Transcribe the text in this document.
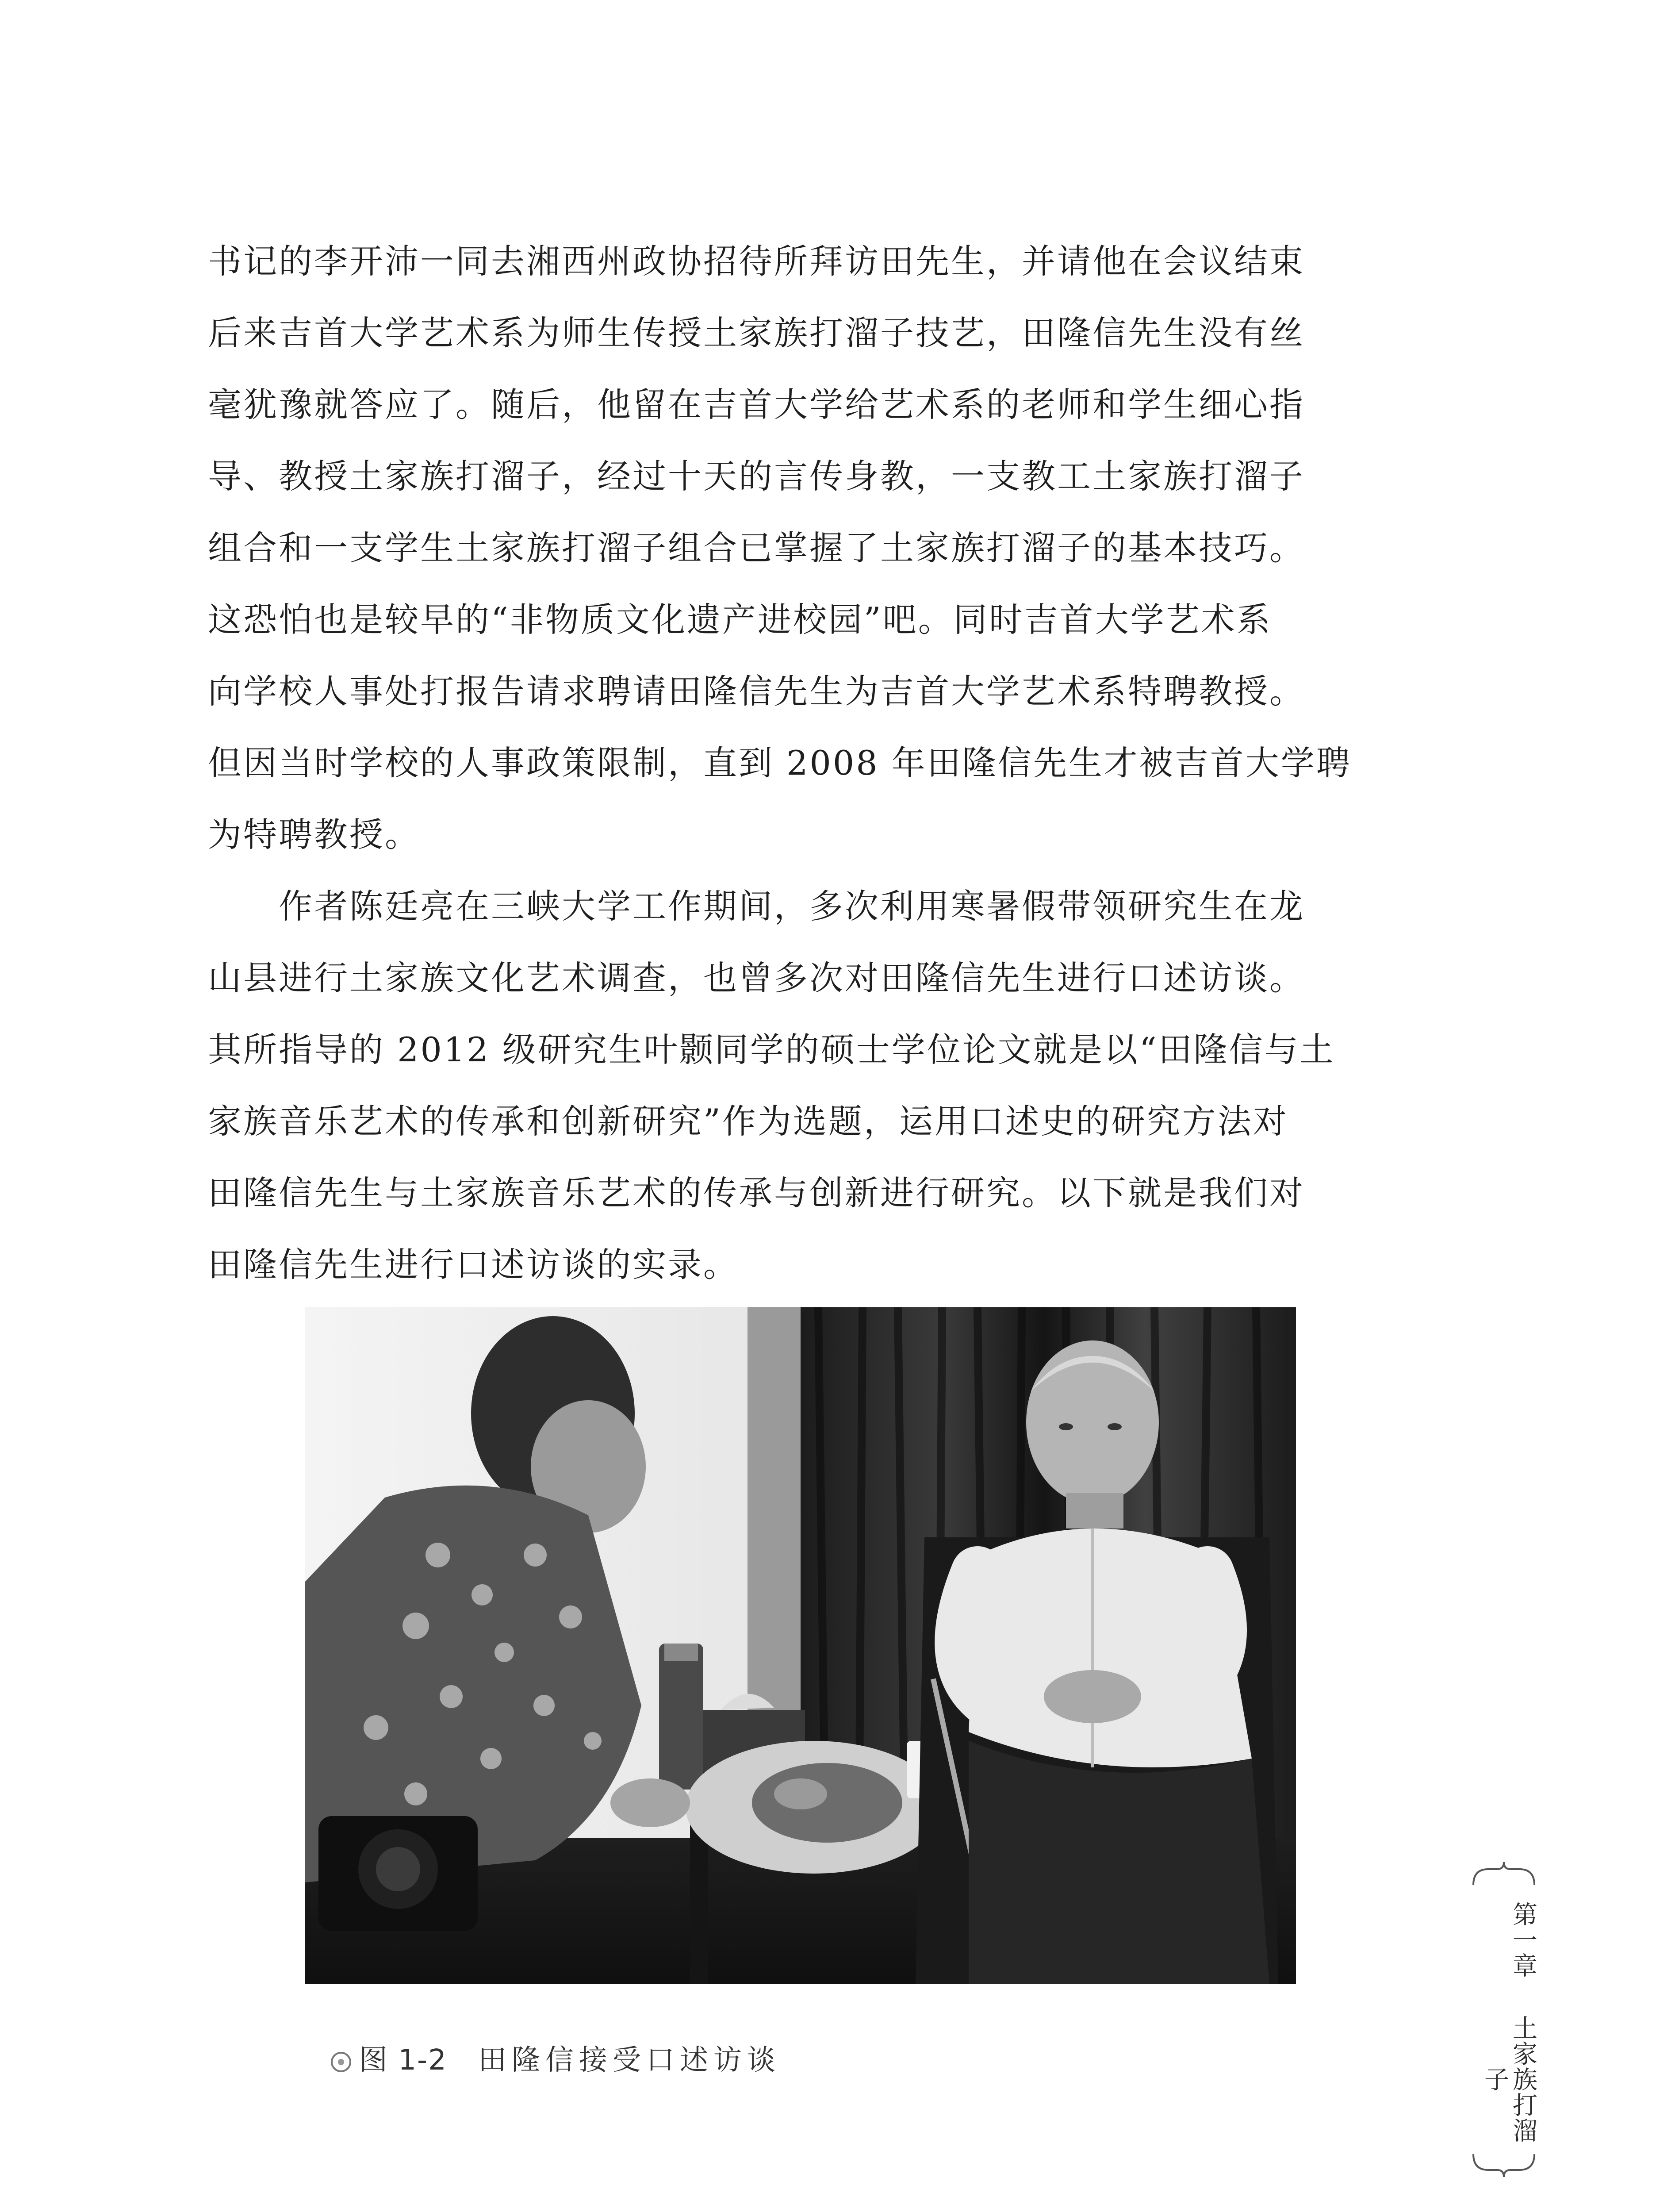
书记的李开沛一同去湘西州政协招待所拜访田先生，并请他在会议结束
后来吉首大学艺术系为师生传授土家族打溜子技艺，田隆信先生没有丝
毫犹豫就答应了。随后，他留在吉首大学给艺术系的老师和学生细心指
导、教授土家族打溜子，经过十天的言传身教，一支教工土家族打溜子
组合和一支学生土家族打溜子组合已掌握了土家族打溜子的基本技巧。
这恐怕也是较早的“非物质文化遗产进校园”吧。同时吉首大学艺术系
向学校人事处打报告请求聘请田隆信先生为吉首大学艺术系特聘教授。
但因当时学校的人事政策限制，直到 2008 年田隆信先生才被吉首大学聘
为特聘教授。
　　作者陈廷亮在三峡大学工作期间，多次利用寒暑假带领研究生在龙
山县进行土家族文化艺术调查，也曾多次对田隆信先生进行口述访谈。
其所指导的 2012 级研究生叶颢同学的硕士学位论文就是以“田隆信与土
家族音乐艺术的传承和创新研究”作为选题，运用口述史的研究方法对
田隆信先生与土家族音乐艺术的传承与创新进行研究。以下就是我们对
田隆信先生进行口述访谈的实录。
图 1-2 田隆信接受口述访谈
第一章
土家族打溜子
